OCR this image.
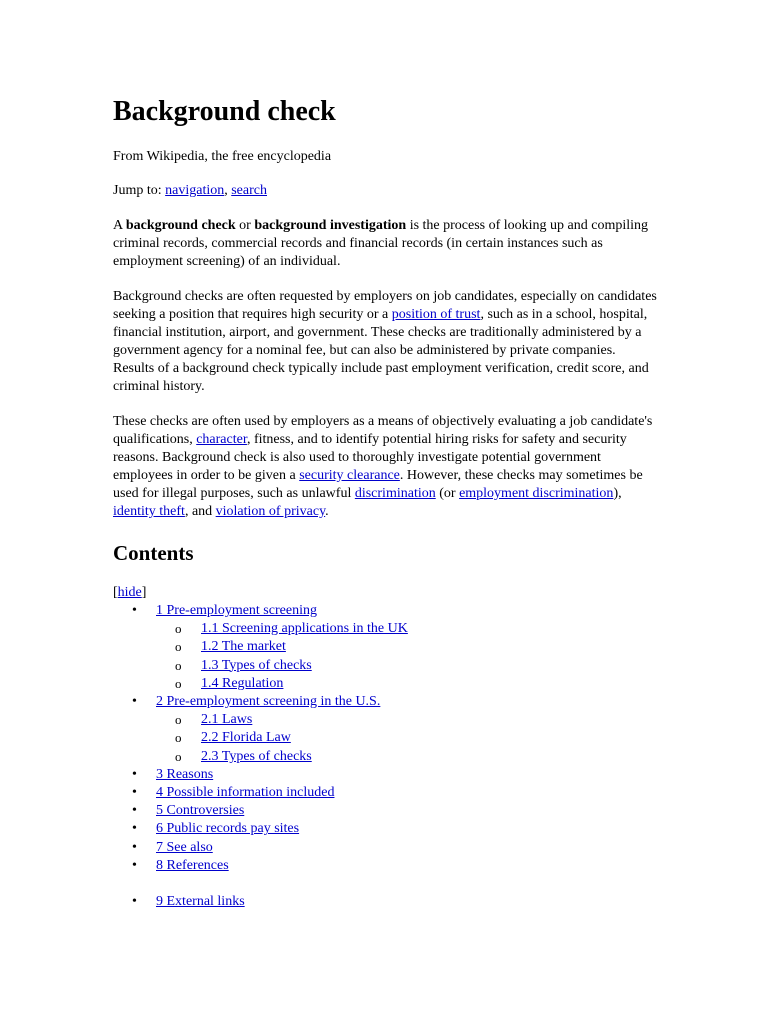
Background check
From Wikipedia, the free encyclopedia

Jump to: navigation, search

A background check or background investigation is the process of looking up and compiling criminal records, commercial records and financial records (in certain instances such as employment screening) of an individual.

Background checks are often requested by employers on job candidates, especially on candidates seeking a position that requires high security or a position of trust, such as in a school, hospital, financial institution, airport, and government. These checks are traditionally administered by a government agency for a nominal fee, but can also be administered by private companies. Results of a background check typically include past employment verification, credit score, and criminal history.

These checks are often used by employers as a means of objectively evaluating a job candidate's qualifications, character, fitness, and to identify potential hiring risks for safety and security reasons. Background check is also used to thoroughly investigate potential government employees in order to be given a security clearance. However, these checks may sometimes be used for illegal purposes, such as unlawful discrimination (or employment discrimination), identity theft, and violation of privacy.

Contents
[hide]
• 1 Pre-employment screening
o 1.1 Screening applications in the UK
o 1.2 The market
o 1.3 Types of checks
o 1.4 Regulation
• 2 Pre-employment screening in the U.S.
o 2.1 Laws
o 2.2 Florida Law
o 2.3 Types of checks
• 3 Reasons
• 4 Possible information included
• 5 Controversies
• 6 Public records pay sites
• 7 See also
• 8 References
• 9 External links
